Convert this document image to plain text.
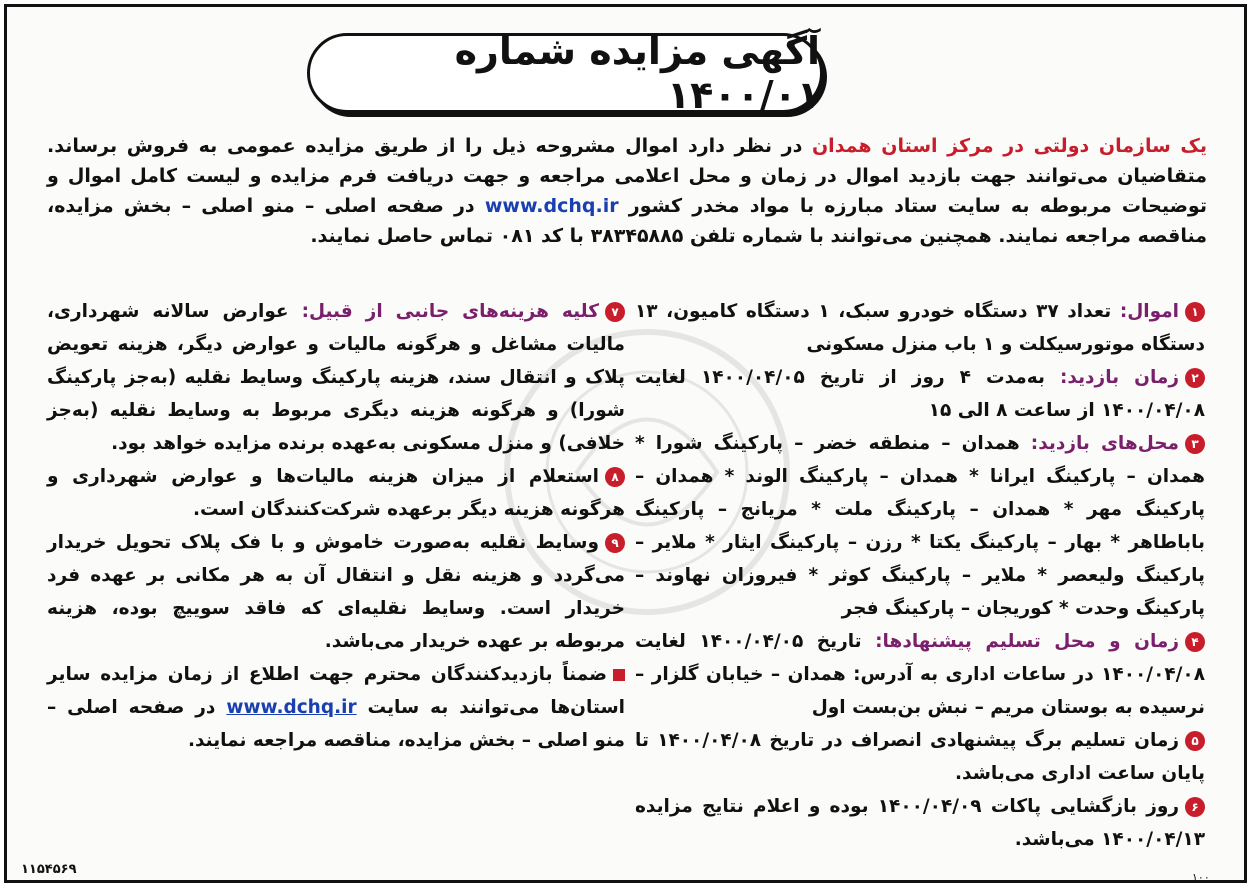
آگهی مزایده شماره ۱۴۰۰/۰۱
یک سازمان دولتی در مرکز استان همدان در نظر دارد اموال مشروحه ذیل را از طریق مزایده عمومی به فروش برساند. متقاضیان می‌توانند جهت بازدید اموال در زمان و محل اعلامی مراجعه و جهت دریافت فرم مزایده و لیست کامل اموال و توضیحات مربوطه به سایت ستاد مبارزه با مواد مخدر کشور www.dchq.ir در صفحه اصلی – منو اصلی – بخش مزایده، مناقصه مراجعه نمایند. همچنین می‌توانند با شماره تلفن ۳۸۳۴۵۸۸۵ با کد ۰۸۱ تماس حاصل نمایند.

۱اموال: تعداد ۳۷ دستگاه خودرو سبک، ۱ دستگاه کامیون، ۱۳ دستگاه موتورسیکلت و ۱ باب منزل مسکونی

۲زمان بازدید: به‌مدت ۴ روز از تاریخ ۱۴۰۰/۰۴/۰۵ لغایت ۱۴۰۰/۰۴/۰۸ از ساعت ۸ الی ۱۵

۳محل‌های بازدید: همدان – منطقه خضر – پارکینگ شورا * همدان – پارکینگ ایرانا * همدان – پارکینگ الوند * همدان – پارکینگ مهر * همدان – پارکینگ ملت * مریانج – پارکینگ باباطاهر * بهار – پارکینگ یکتا * رزن – پارکینگ ایثار * ملایر – پارکینگ ولیعصر * ملایر – پارکینگ کوثر * فیروزان نهاوند – پارکینگ وحدت * کوریجان – پارکینگ فجر

۴زمان و محل تسلیم پیشنهادها: تاریخ ۱۴۰۰/۰۴/۰۵ لغایت ۱۴۰۰/۰۴/۰۸ در ساعات اداری به آدرس: همدان – خیابان گلزار – نرسیده به بوستان مریم – نبش بن‌بست اول

۵زمان تسلیم برگ پیشنهادی انصراف در تاریخ ۱۴۰۰/۰۴/۰۸ تا پایان ساعت اداری می‌باشد.

۶روز بازگشایی پاکات ۱۴۰۰/۰۴/۰۹ بوده و اعلام نتایج مزایده ۱۴۰۰/۰۴/۱۳ می‌باشد.

۷کلیه هزینه‌های جانبی از قبیل: عوارض سالانه شهرداری، مالیات مشاغل و هرگونه مالیات و عوارض دیگر، هزینه تعویض پلاک و انتقال سند، هزینه پارکینگ وسایط نقلیه (به‌جز پارکینگ شورا) و هرگونه هزینه دیگری مربوط به وسایط نقلیه (به‌جز خلافی) و منزل مسکونی به‌عهده برنده مزایده خواهد بود.

۸استعلام از میزان هزینه مالیات‌ها و عوارض شهرداری و هرگونه هزینه دیگر برعهده شرکت‌کنندگان است.

۹وسایط نقلیه به‌صورت خاموش و با فک پلاک تحویل خریدار می‌گردد و هزینه نقل و انتقال آن به هر مکانی بر عهده فرد خریدار است. وسایط نقلیه‌ای که فاقد سوییچ بوده، هزینه مربوطه بر عهده خریدار می‌باشد.

ضمناً بازدیدکنندگان محترم جهت اطلاع از زمان مزایده سایر استان‌ها می‌توانند به سایت www.dchq.ir در صفحه اصلی – منو اصلی – بخش مزایده، مناقصه مراجعه نمایند.

۱۱۵۴۵۶۹
۱۰۰
